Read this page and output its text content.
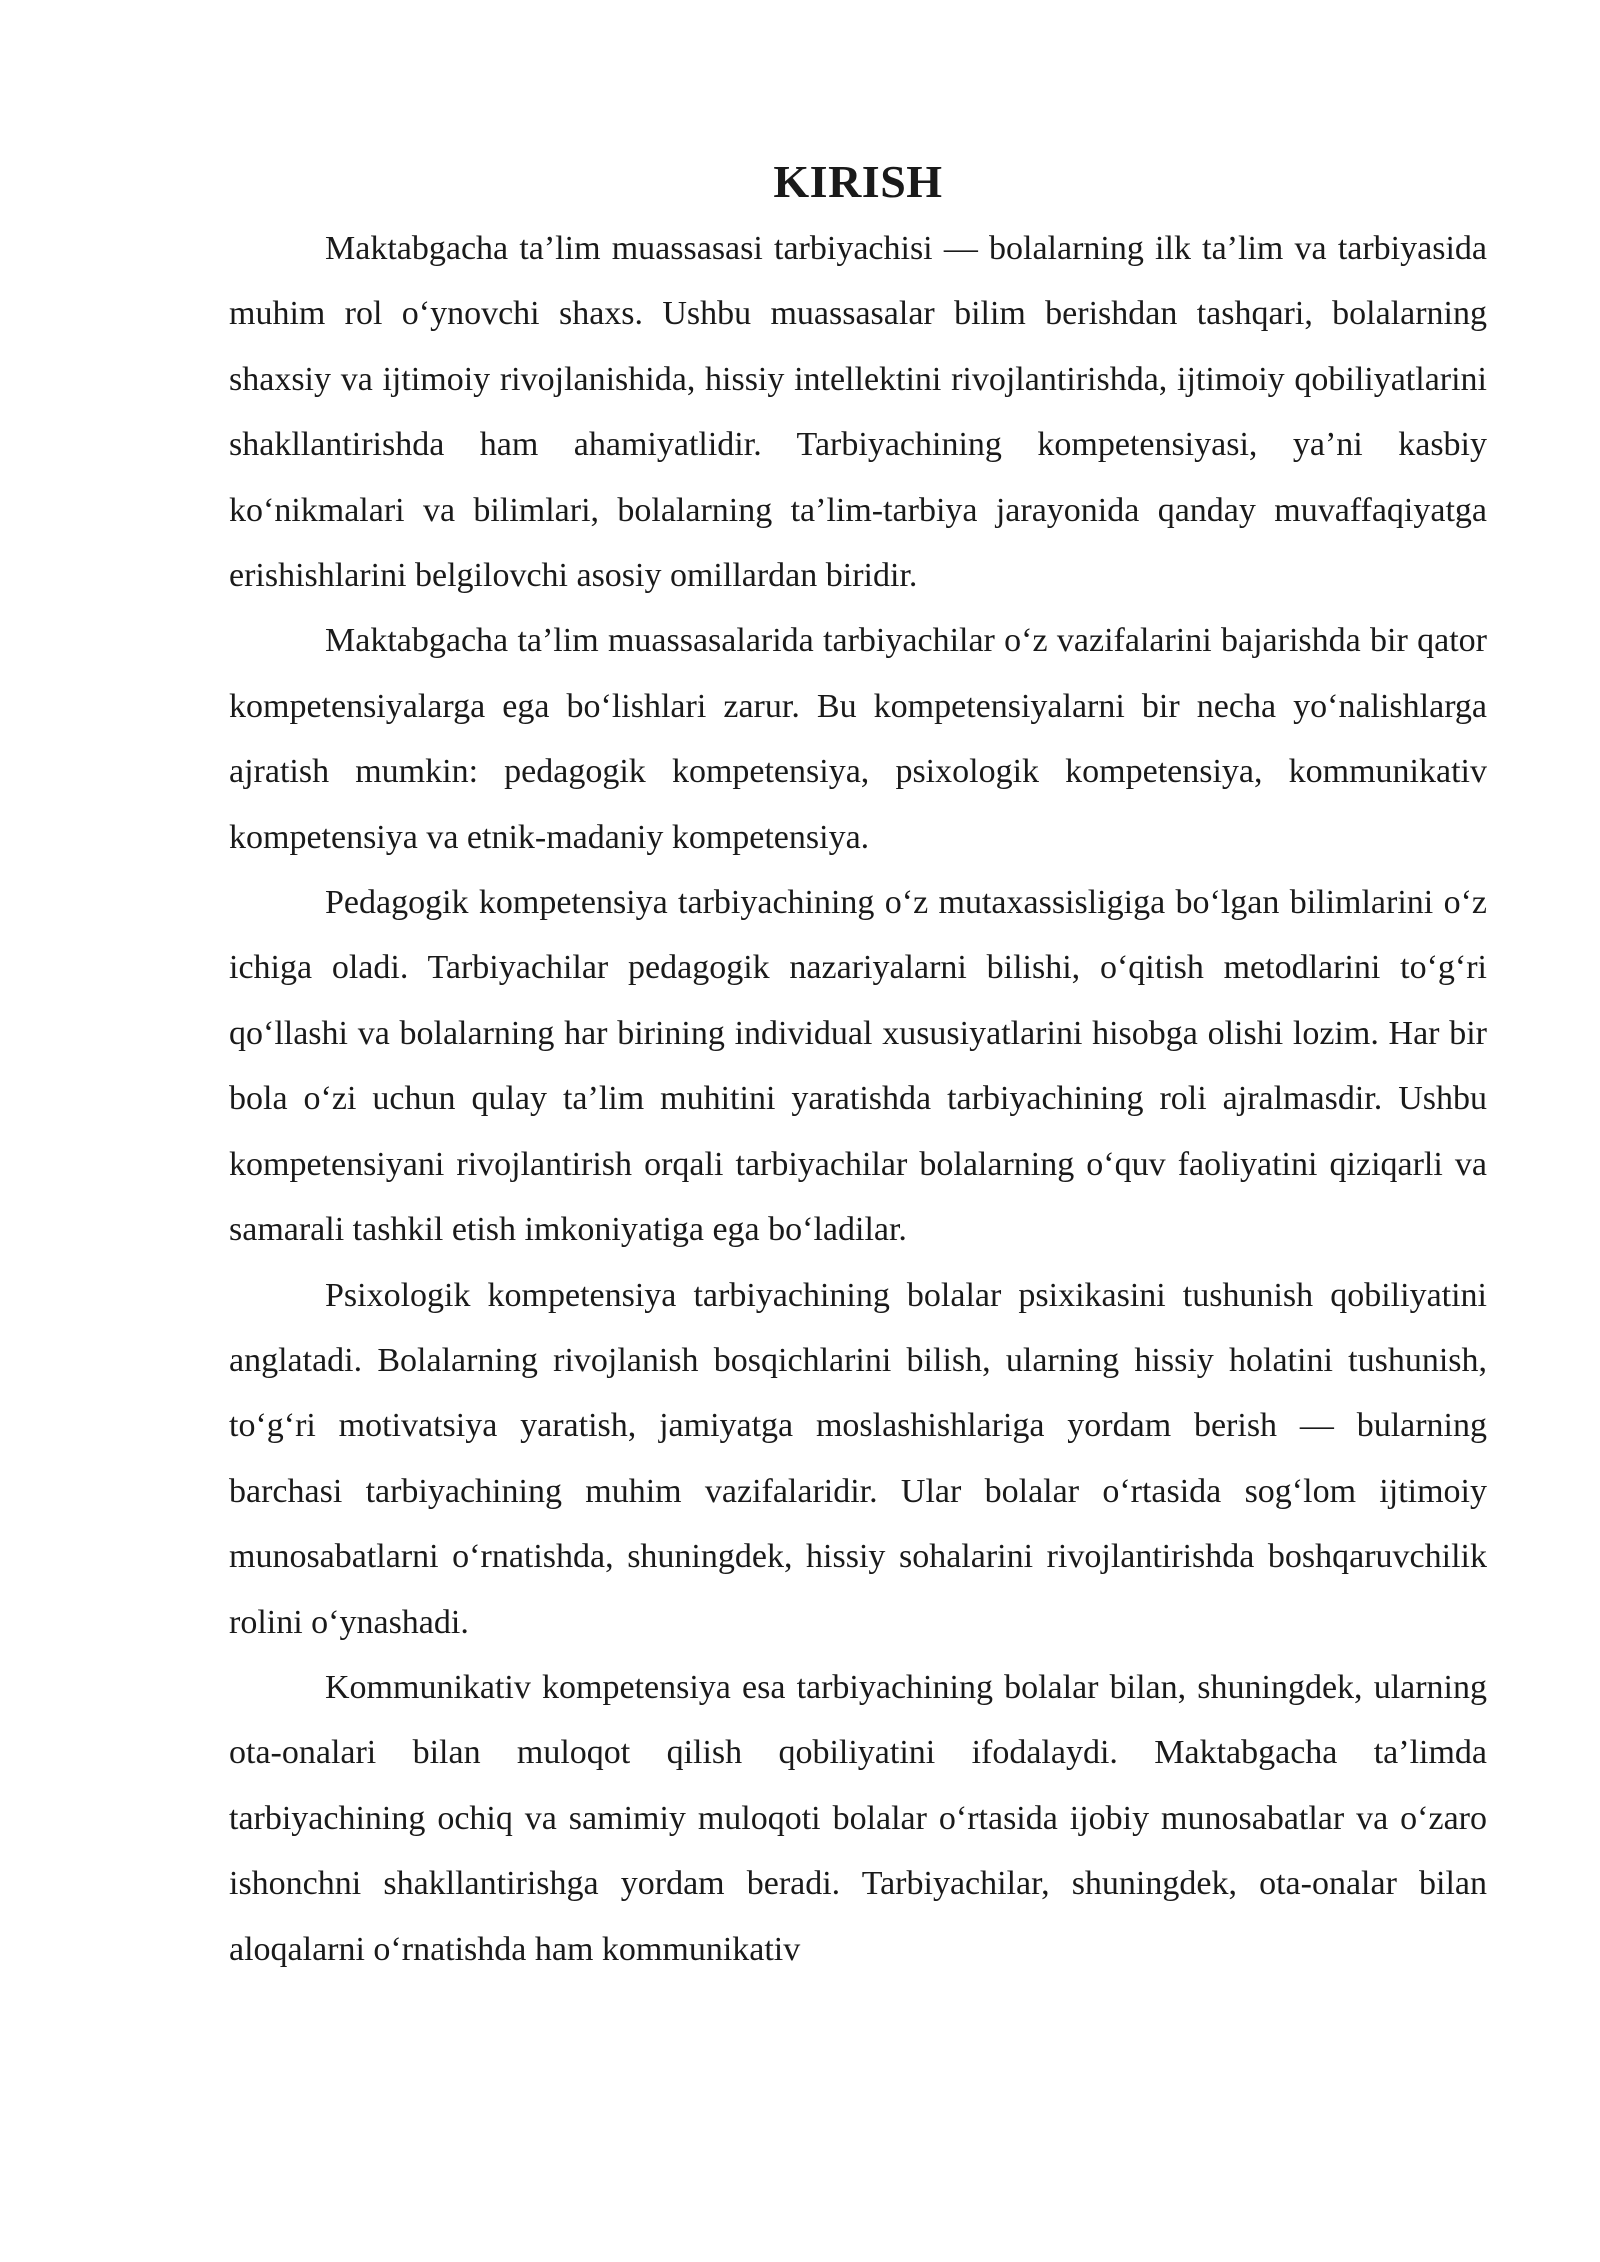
KIRISH

Maktabgacha ta’lim muassasasi tarbiyachisi — bolalarning ilk ta’lim va tarbiyasida muhim rol o‘ynovchi shaxs. Ushbu muassasalar bilim berishdan tashqari, bolalarning shaxsiy va ijtimoiy rivojlanishida, hissiy intellektini rivojlantirishda, ijtimoiy qobiliyatlarini shakllantirishda ham ahamiyatlidir. Tarbiyachining kompetensiyasi, ya’ni kasbiy ko‘nikmalari va bilimlari, bolalarning ta’lim-tarbiya jarayonida qanday muvaffaqiyatga erishishlarini belgilovchi asosiy omillardan biridir.

Maktabgacha ta’lim muassasalarida tarbiyachilar o‘z vazifalarini bajarishda bir qator kompetensiyalarga ega bo‘lishlari zarur. Bu kompetensiyalarni bir necha yo‘nalishlarga ajratish mumkin: pedagogik kompetensiya, psixologik kompetensiya, kommunikativ kompetensiya va etnik-madaniy kompetensiya.

Pedagogik kompetensiya tarbiyachining o‘z mutaxassisligiga bo‘lgan bilimlarini o‘z ichiga oladi. Tarbiyachilar pedagogik nazariyalarni bilishi, o‘qitish metodlarini to‘g‘ri qo‘llashi va bolalarning har birining individual xususiyatlarini hisobga olishi lozim. Har bir bola o‘zi uchun qulay ta’lim muhitini yaratishda tarbiyachining roli ajralmasdir. Ushbu kompetensiyani rivojlantirish orqali tarbiyachilar bolalarning o‘quv faoliyatini qiziqarli va samarali tashkil etish imkoniyatiga ega bo‘ladilar.

Psixologik kompetensiya tarbiyachining bolalar psixikasini tushunish qobiliyatini anglatadi. Bolalarning rivojlanish bosqichlarini bilish, ularning hissiy holatini tushunish, to‘g‘ri motivatsiya yaratish, jamiyatga moslashishlariga yordam berish — bularning barchasi tarbiyachining muhim vazifalaridir. Ular bolalar o‘rtasida sog‘lom ijtimoiy munosabatlarni o‘rnatishda, shuningdek, hissiy sohalarini rivojlantirishda boshqaruvchilik rolini o‘ynashadi.

Kommunikativ kompetensiya esa tarbiyachining bolalar bilan, shuningdek, ularning ota-onalari bilan muloqot qilish qobiliyatini ifodalaydi. Maktabgacha ta’limda tarbiyachining ochiq va samimiy muloqoti bolalar o‘rtasida ijobiy munosabatlar va o‘zaro ishonchni shakllantirishga yordam beradi. Tarbiyachilar, shuningdek, ota-onalar bilan aloqalarni o‘rnatishda ham kommunikativ
